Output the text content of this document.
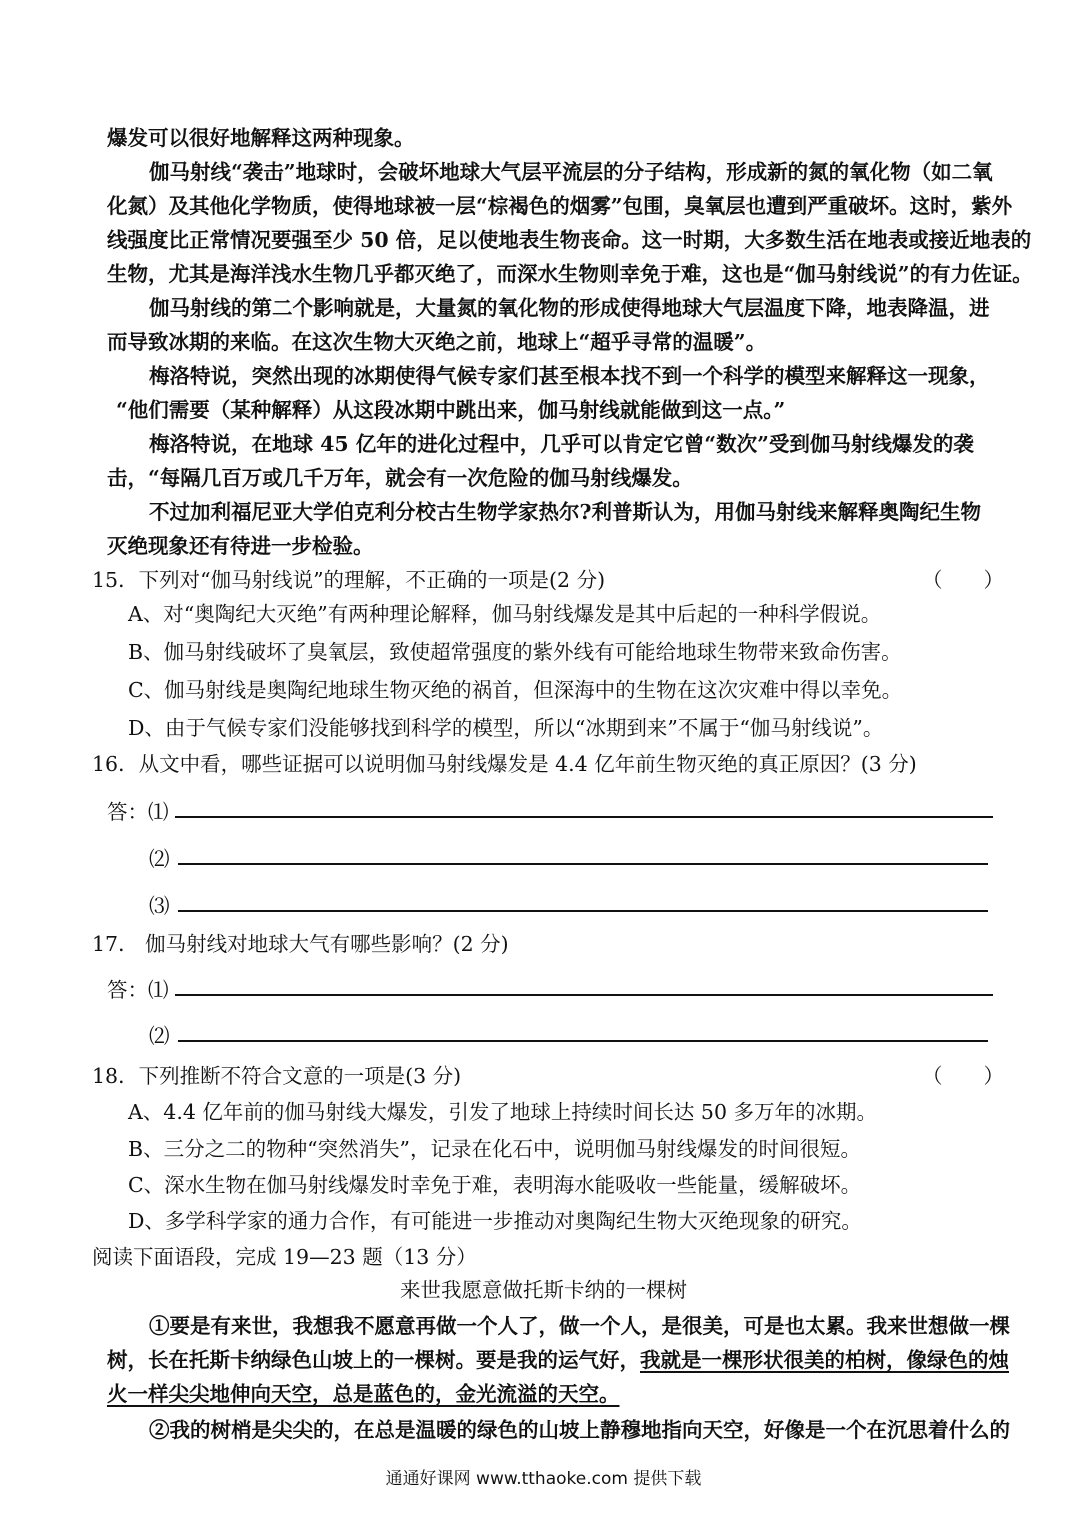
爆发可以很好地解释这两种现象。
伽马射线“袭击”地球时，会破坏地球大气层平流层的分子结构，形成新的氮的氧化物（如二氧
化氮）及其他化学物质，使得地球被一层“棕褐色的烟雾”包围，臭氧层也遭到严重破坏。这时，紫外
线强度比正常情况要强至少 50 倍，足以使地表生物丧命。这一时期，大多数生活在地表或接近地表的
生物，尤其是海洋浅水生物几乎都灭绝了，而深水生物则幸免于难，这也是“伽马射线说”的有力佐证。
伽马射线的第二个影响就是，大量氮的氧化物的形成使得地球大气层温度下降，地表降温，进
而导致冰期的来临。在这次生物大灭绝之前，地球上“超乎寻常的温暖”。
梅洛特说，突然出现的冰期使得气候专家们甚至根本找不到一个科学的模型来解释这一现象，
“他们需要（某种解释）从这段冰期中跳出来，伽马射线就能做到这一点。”
梅洛特说，在地球 45 亿年的进化过程中，几乎可以肯定它曾“数次”受到伽马射线爆发的袭
击，“每隔几百万或几千万年，就会有一次危险的伽马射线爆发。
不过加利福尼亚大学伯克利分校古生物学家热尔?利普斯认为，用伽马射线来解释奥陶纪生物
灭绝现象还有待进一步检验。
15．下列对“伽马射线说”的理解，不正确的一项是(2 分)	（　　）
A、对“奥陶纪大灭绝”有两种理论解释，伽马射线爆发是其中后起的一种科学假说。
B、伽马射线破坏了臭氧层，致使超常强度的紫外线有可能给地球生物带来致命伤害。
C、伽马射线是奥陶纪地球生物灭绝的祸首，但深海中的生物在这次灾难中得以幸免。
D、由于气候专家们没能够找到科学的模型，所以“冰期到来”不属于“伽马射线说”。
16．从文中看，哪些证据可以说明伽马射线爆发是 4.4 亿年前生物灭绝的真正原因？(3 分)
答：⑴
⑵
⑶
17． 伽马射线对地球大气有哪些影响？(2 分)
答：⑴
⑵
18．下列推断不符合文意的一项是(3 分)	（　　）
A、4.4 亿年前的伽马射线大爆发，引发了地球上持续时间长达 50 多万年的冰期。
B、三分之二的物种“突然消失”，记录在化石中，说明伽马射线爆发的时间很短。
C、深水生物在伽马射线爆发时幸免于难，表明海水能吸收一些能量，缓解破坏。
D、多学科学家的通力合作，有可能进一步推动对奥陶纪生物大灭绝现象的研究。
阅读下面语段，完成 19—23 题（13 分）
来世我愿意做托斯卡纳的一棵树
①要是有来世，我想我不愿意再做一个人了，做一个人，是很美，可是也太累。我来世想做一棵
树，长在托斯卡纳绿色山坡上的一棵树。要是我的运气好，我就是一棵形状很美的柏树，像绿色的烛
火一样尖尖地伸向天空，总是蓝色的，金光流溢的天空。
②我的树梢是尖尖的，在总是温暖的绿色的山坡上静穆地指向天空，好像是一个在沉思着什么的
通通好课网 www.tthaoke.com 提供下载
